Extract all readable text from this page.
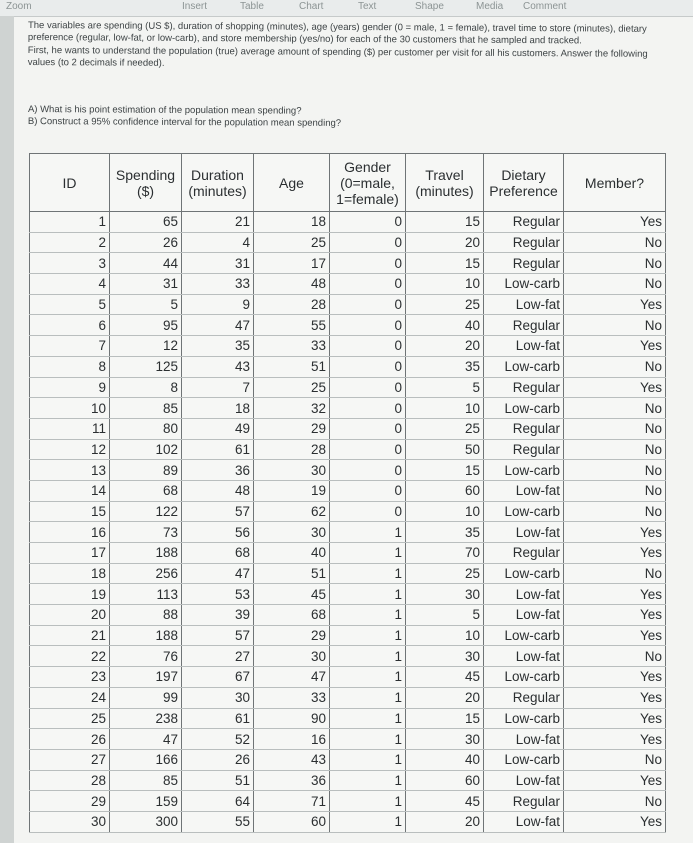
Zoom	Insert	Table	Chart	Text	Shape	Media Comment

The variables are spending (US $), duration of shopping (minutes), age (years) gender (0 = male, 1 = female), travel time to store (minutes), dietary preference (regular, low-fat, or low-carb), and store membership (yes/no) for each of the 30 customers that he sampled and tracked.

First, he wants to understand the population (true) average amount of spending ($) per customer per visit for all his customers. Answer the following values (to 2 decimals if needed).

A) What is his point estimation of the population mean spending?

B) Construct a 95% confidence interval for the population mean spending?

ID	Spending ($)	Duration (minutes)	Age	Gender (0=male, 1=female)	Travel (minutes)	Dietary Preference	Member?
1	65	21	18	0	15	Regular	Yes
2	26	4	25	0	20	Regular	No
3	44	31	17	0	15	Regular	No
4	31	33	48	0	10	Low-carb	No
5	5	9	28	0	25	Low-fat	Yes
6	95	47	55	0	40	Regular	No
7	12	35	33	0	20	Low-fat	Yes
8	125	43	51	0	35	Low-carb	No
9	8	7	25	0	5	Regular	Yes
10	85	18	32	0	10	Low-carb	No
11	80	49	29	0	25	Regular	No
12	102	61	28	0	50	Regular	No
13	89	36	30	0	15	Low-carb	No
14	68	48	19	0	60	Low-fat	No
15	122	57	62	0	10	Low-carb	No
16	73	56	30	1	35	Low-fat	Yes
17	188	68	40	1	70	Regular	Yes
18	256	47	51	1	25	Low-carb	No
19	113	53	45	1	30	Low-fat	Yes
20	88	39	68	1	5	Low-fat	Yes
21	188	57	29	1	10	Low-carb	Yes
22	76	27	30	1	30	Low-fat	No
23	197	67	47	1	45	Low-carb	Yes
24	99	30	33	1	20	Regular	Yes
25	238	61	90	1	15	Low-carb	Yes
26	47	52	16	1	30	Low-fat	Yes
27	166	26	43	1	40	Low-carb	No
28	85	51	36	1	60	Low-fat	Yes
29	159	64	71	1	45	Regular	No
30	300	55	60	1	20	Low-fat	Yes
